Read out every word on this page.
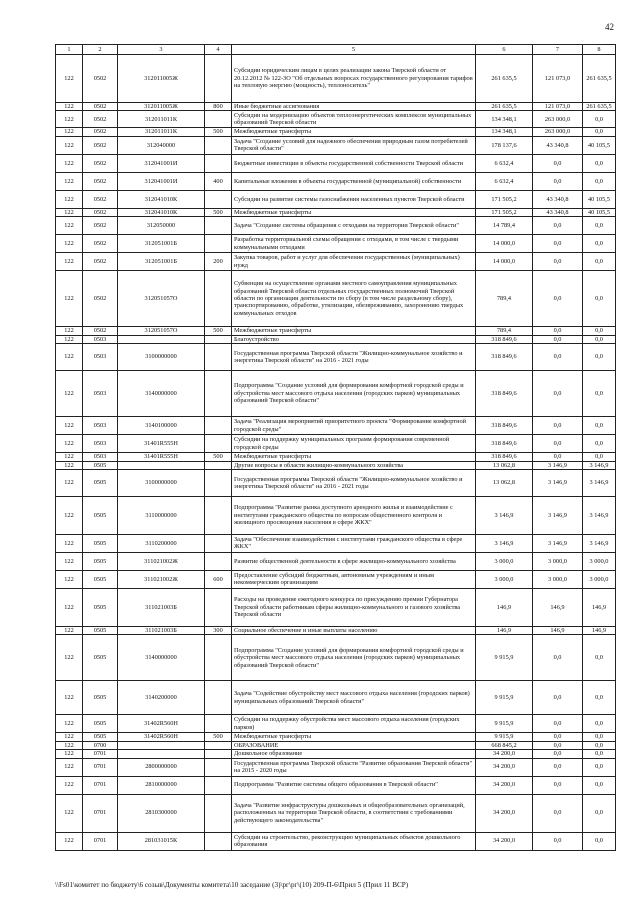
42
1	2	3	4	5	6	7	8
122	0502	312011005Ж		Субсидии юридическим лицам в целях реализации закона Тверской области от 20.12.2012 № 122-ЗО "Об отдельных вопросах государственного регулирования тарифов на тепловую энергию (мощность), теплоноситель"	261 635,5	121 073,0	261 635,5
122	0502	312011005Ж	800	Иные бюджетные ассигнования	261 635,5	121 073,0	261 635,5
122	0502	312011011К		Субсидии на модернизацию объектов теплоэнергетических комплексов муниципальных образований Тверской области	134 348,1	263 000,0	0,0
122	0502	312011011К	500	Межбюджетные трансферты	134 348,1	263 000,0	0,0
122	0502	312040000		Задача "Создание условий для надежного обеспечения природным газом потребителей Тверской области"	178 137,6	43 340,8	40 105,5
122	0502	312041001И		Бюджетные инвестиции в объекты государственной собственности Тверской области	6 632,4	0,0	0,0
122	0502	312041001И	400	Капитальные вложения в объекты государственной (муниципальной) собственности	6 632,4	0,0	0,0
122	0502	312041010К		Субсидии на развитие системы газоснабжения населенных пунктов Тверской области	171 505,2	43 340,8	40 105,5
122	0502	312041010К	500	Межбюджетные трансферты	171 505,2	43 340,8	40 105,5
122	0502	312050000		Задача "Создание системы обращения с отходами на территории Тверской области"	14 789,4	0,0	0,0
122	0502	312051001Б		Разработка территориальной схемы обращения с отходами, в том числе с твердыми коммунальными отходами	14 000,0	0,0	0,0
122	0502	312051001Б	200	Закупка товаров, работ и услуг для обеспечения государственных (муниципальных) нужд	14 000,0	0,0	0,0
122	0502	312051057О		Субвенции на осуществление органами местного самоуправления муниципальных образований Тверской области отдельных государственных полномочий Тверской области по организации деятельности по сбору (в том числе раздельному сбору), транспортированию, обработке, утилизации, обезвреживанию, захоронению твердых коммунальных отходов	789,4	0,0	0,0
122	0502	312051057О	500	Межбюджетные трансферты	789,4	0,0	0,0
122	0503			Благоустройство	318 849,6	0,0	0,0
122	0503	3100000000		Государственная программа Тверской области "Жилищно-коммунальное хозяйство и энергетика Тверской области" на 2016 - 2021 годы	318 849,6	0,0	0,0
122	0503	3140000000		Подпрограмма "Создание условий для формирования комфортной городской среды и обустройства мест массового отдыха населения (городских парков) муниципальных образований Тверской области"	318 849,6	0,0	0,0
122	0503	3140100000		Задача "Реализация мероприятий приоритетного проекта "Формирование комфортной городской среды"	318 849,6	0,0	0,0
122	0503	31401R555Н		Субсидии на поддержку муниципальных программ формирования современной городской среды	318 849,6	0,0	0,0
122	0503	31401R555Н	500	Межбюджетные трансферты	318 849,6	0,0	0,0
122	0505			Другие вопросы в области жилищно-коммунального хозяйства	13 062,8	3 146,9	3 146,9
122	0505	3100000000		Государственная программа Тверской области "Жилищно-коммунальное хозяйство и энергетика Тверской области" на 2016 - 2021 годы	13 062,8	3 146,9	3 146,9
122	0505	3110000000		Подпрограмма "Развитие рынка доступного арендного жилья и взаимодействие с институтами гражданского общества по вопросам общественного контроля и жилищного просвещения населения в сфере ЖКХ"	3 146,9	3 146,9	3 146,9
122	0505	3110200000		Задача "Обеспечение взаимодействия с институтами гражданского общества в сфере ЖКХ"	3 146,9	3 146,9	3 146,9
122	0505	311021002Ж		Развитие общественной деятельности в сфере жилищно-коммунального хозяйства	3 000,0	3 000,0	3 000,0
122	0505	311021002Ж	600	Предоставление субсидий бюджетным, автономным учреждениям и иным некоммерческим организациям	3 000,0	3 000,0	3 000,0
122	0505	311021003Б		Расходы на проведение ежегодного конкурса по присуждению премии Губернатора Тверской области работникам сферы жилищно-коммунального и газового хозяйства Тверской области	146,9	146,9	146,9
122	0505	311021003Б	300	Социальное обеспечение и иные выплаты населению	146,9	146,9	146,9
122	0505	3140000000		Подпрограмма "Создание условий для формирования комфортной городской среды и обустройства мест массового отдыха населения (городских парков) муниципальных образований Тверской области"	9 915,9	0,0	0,0
122	0505	3140200000		Задача "Содействие обустройству мест массового отдыха населения (городских парков) муниципальных образований Тверской области"	9 915,9	0,0	0,0
122	0505	31402R560Н		Субсидии на поддержку обустройства мест массового отдыха населения (городских парков)	9 915,9	0,0	0,0
122	0505	31402R560Н	500	Межбюджетные трансферты	9 915,9	0,0	0,0
122	0700			ОБРАЗОВАНИЕ	668 845,2	0,0	0,0
122	0701			Дошкольное образование	34 200,0	0,0	0,0
122	0701	2800000000		Государственная программа Тверской области "Развитие образования Тверской области" на 2015 - 2020 годы	34 200,0	0,0	0,0
122	0701	2810000000		Подпрограмма "Развитие системы общего образования в Тверской области"	34 200,0	0,0	0,0
122	0701	2810300000		Задача "Развитие инфраструктуры дошкольных и общеобразовательных организаций, расположенных на территории Тверской области, в соответствии с требованиями действующего законодательства"	34 200,0	0,0	0,0
122	0701	281031015К		Субсидии на строительство, реконструкцию муниципальных объектов дошкольного образования	34 200,0	0,0	0,0
\\Fs01\комитет по бюджету\6 созыв\Документы комитета\10 заседание (3)\рг\рг\(10) 209-П-6\Прил 5 (Прил 11 ВСР)
